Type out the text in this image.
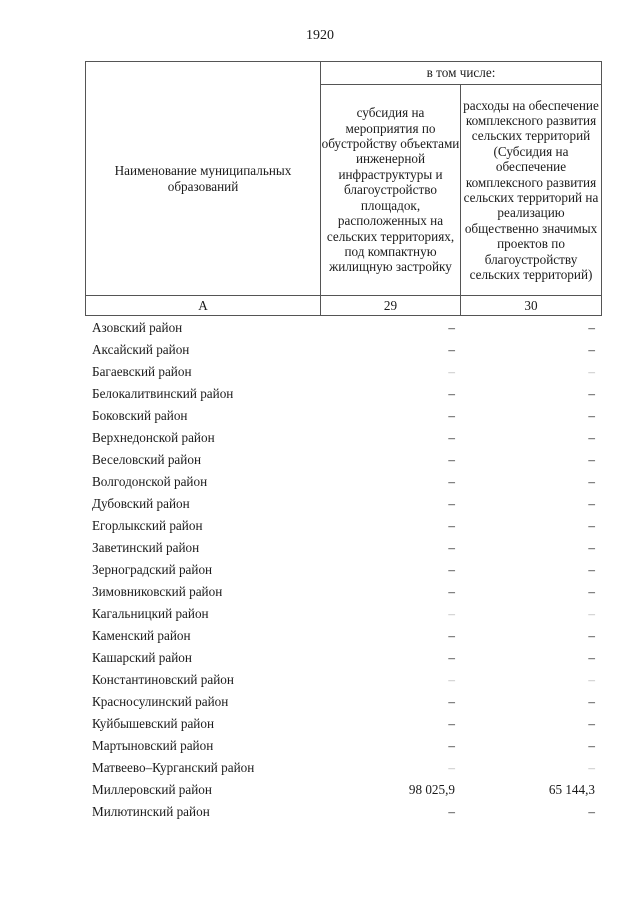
1920
Наименование муниципальных образований	в том числе:	
	субсидия на мероприятия по обустройству объектами инженерной инфраструктуры и благоустройство площадок, расположенных на сельских территориях, под компактную жилищную застройку	расходы на обеспечение комплексного развития сельских территорий (Субсидия на обеспечение комплексного развития сельских территорий на реализацию общественно значимых проектов по благоустройству сельских территорий)
А	29	30
Азовский район	–	–
Аксайский район	–	–
Багаевский район	–	–
Белокалитвинский район	–	–
Боковский район	–	–
Верхнедонской район	–	–
Веселовский район	–	–
Волгодонской район	–	–
Дубовский район	–	–
Егорлыкский район	–	–
Заветинский район	–	–
Зерноградский район	–	–
Зимовниковский район	–	–
Кагальницкий район	–	–
Каменский район	–	–
Кашарский район	–	–
Константиновский район	–	–
Красносулинский район	–	–
Куйбышевский район	–	–
Мартыновский район	–	–
Матвеево–Курганский район	–	–
Миллеровский район	98 025,9	65 144,3
Милютинский район	–	–
